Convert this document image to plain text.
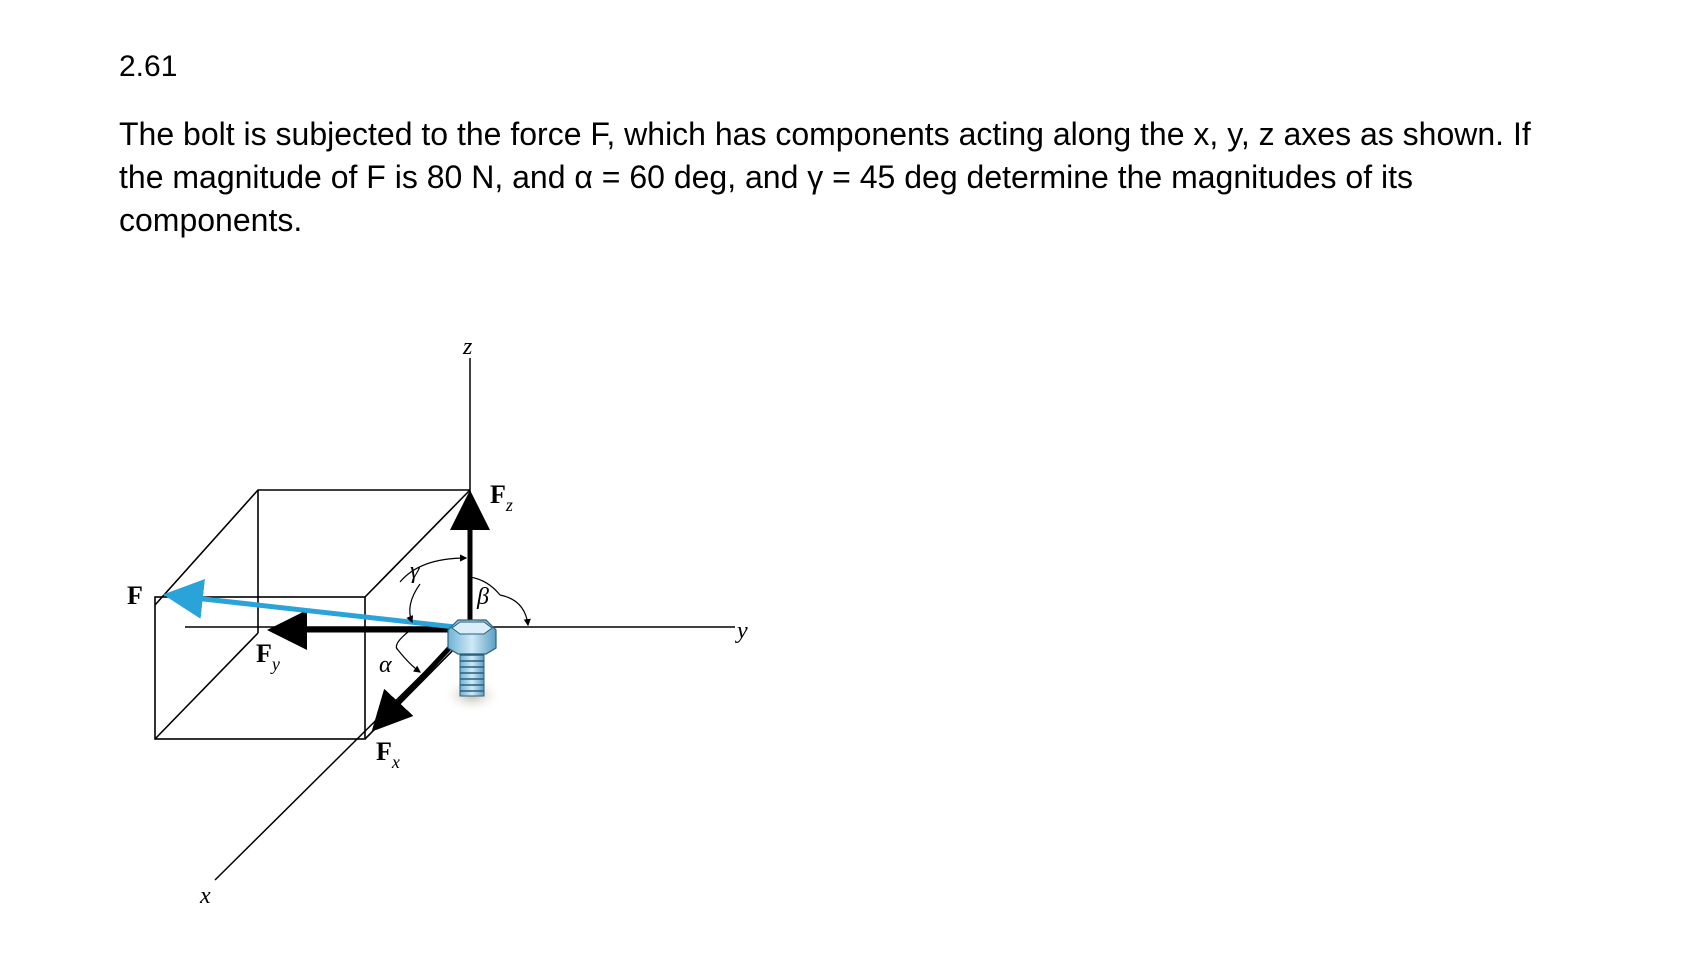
2.61

The bolt is subjected to the force F, which has components acting along the x, y, z axes as shown. If the magnitude of F is 80 N, and α = 60 deg, and γ = 45 deg determine the magnitudes of its components.

z
y
x
F
$F_z$
$F_y$
$F_x$
α
β
γ
